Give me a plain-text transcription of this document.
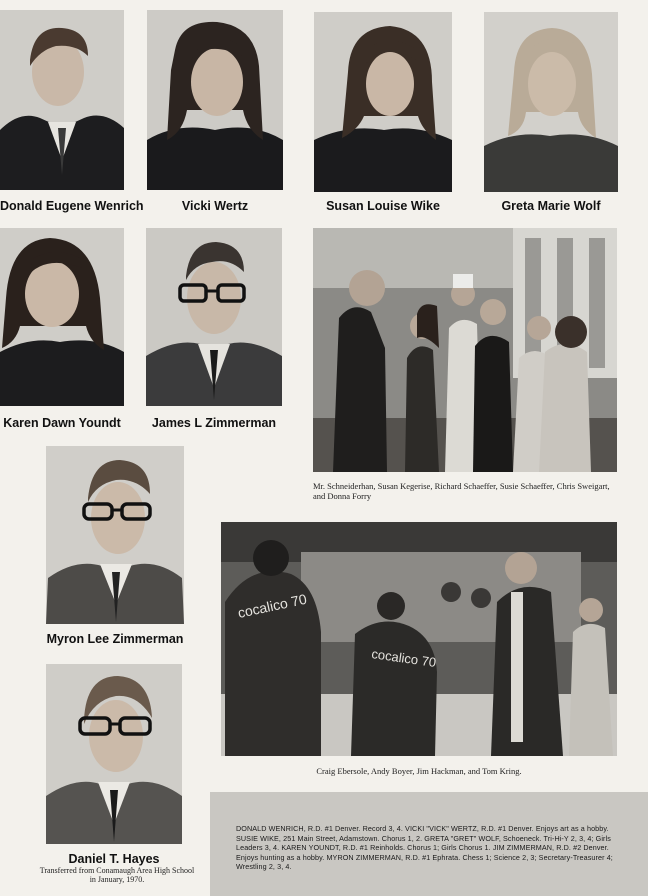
Donald Eugene Wenrich	Vicki Wertz	Susan Louise Wike	Greta Marie Wolf
Karen Dawn Youndt	James L Zimmerman
Mr. Schneiderhan, Susan Kegerise, Richard Schaeffer, Susie Schaeffer, Chris Sweigart, and Donna Forry
Myron Lee Zimmerman
cocalico 70
cocalico 70
Craig Ebersole, Andy Boyer, Jim Hackman, and Tom Kring.
Daniel T. Hayes
Transferred from Conamaugh Area High School in January, 1970.
DONALD WENRICH, R.D. #1 Denver. Record 3, 4. VICKI "VICK" WERTZ, R.D. #1 Denver. Enjoys art as a hobby. SUSIE WIKE, 251 Main Street, Adamstown. Chorus 1, 2. GRETA "GRET" WOLF, Schoeneck. Tri-Hi-Y 2, 3, 4; Girls Leaders 3, 4. KAREN YOUNDT, R.D. #1 Reinholds. Chorus 1; Girls Chorus 1. JIM ZIMMERMAN, R.D. #2 Denver. Enjoys hunting as a hobby. MYRON ZIMMERMAN, R.D. #1 Ephrata. Chess 1; Science 2, 3; Secretary-Treasurer 4; Wrestling 2, 3, 4.
